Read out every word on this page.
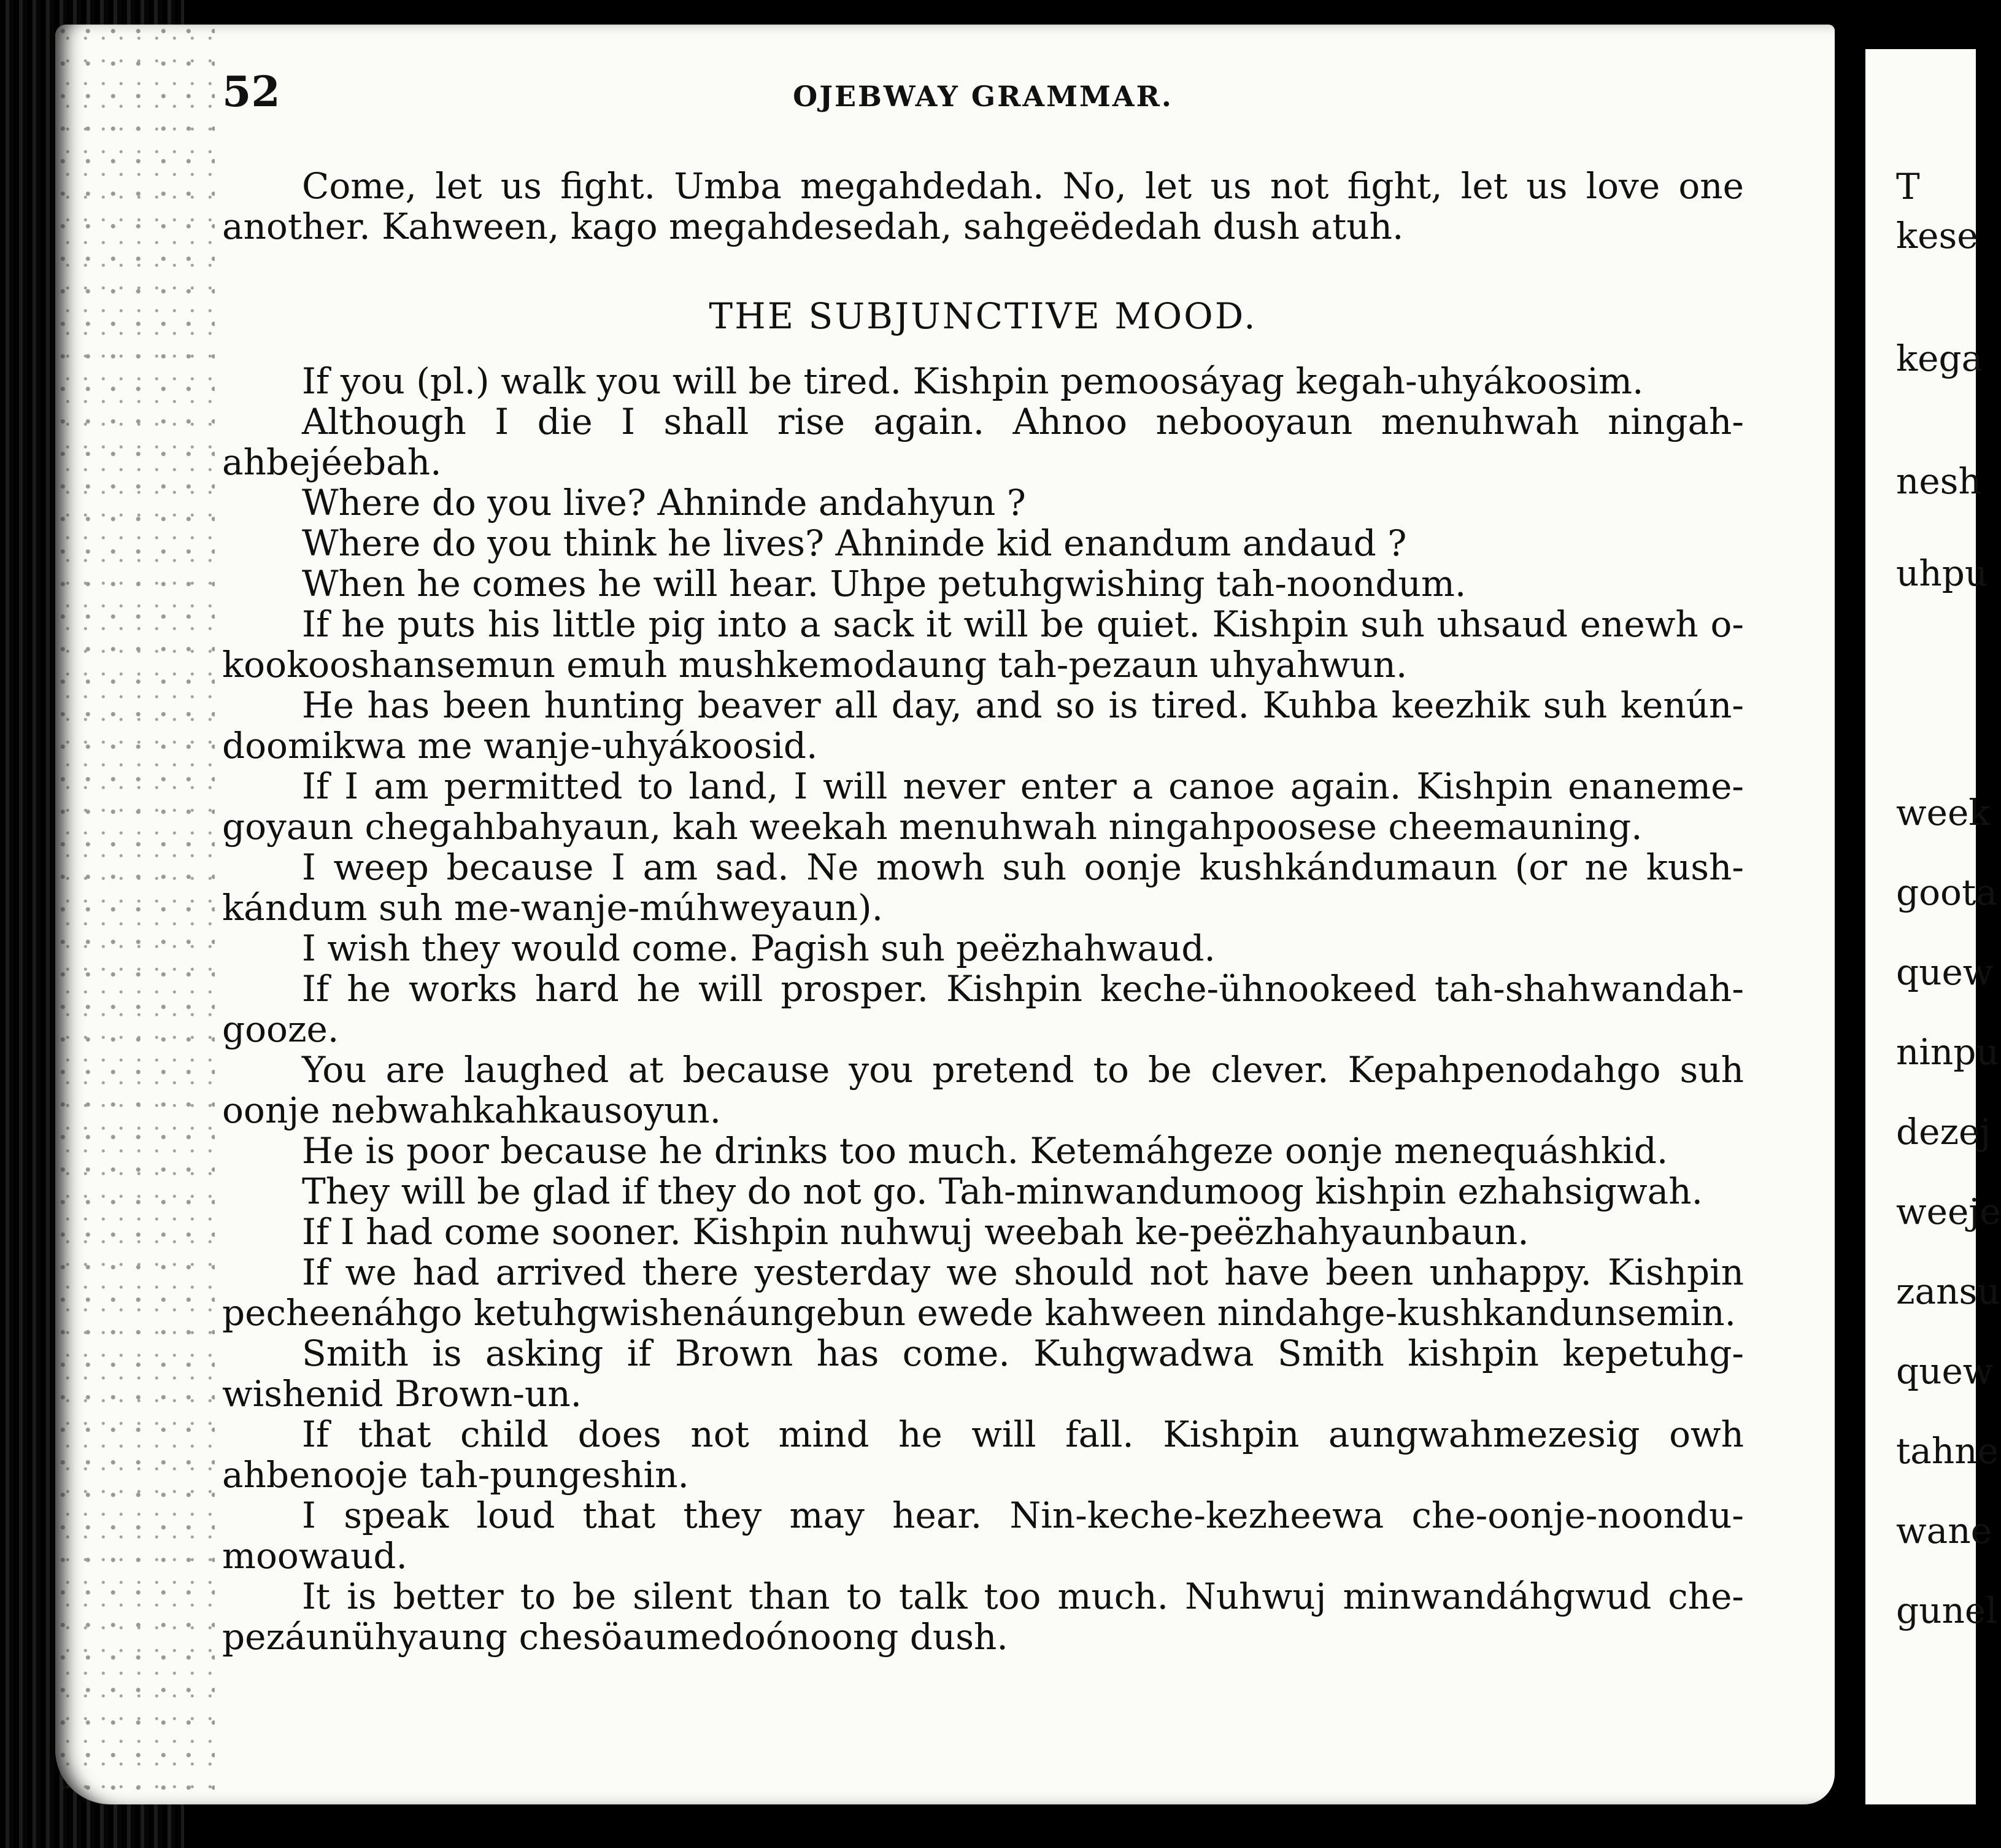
52	OJEBWAY GRAMMAR.

Come, let us fight. Umba megahdedah. No, let us not fight, let us love one another. Kahween, kago megahdesedah, sahgeëdedah dush atuh.

THE SUBJUNCTIVE MOOD.

If you (pl.) walk you will be tired. Kishpin pemoosáyag kegah-uhyákoosim.

Although I die I shall rise again. Ahnoo nebooyaun menuhwah ningah-ahbejéebah.

Where do you live? Ahninde andahyun ?

Where do you think he lives? Ahninde kid enandum andaud ?

When he comes he will hear. Uhpe petuhgwishing tah-noondum.

If he puts his little pig into a sack it will be quiet. Kishpin suh uhsaud enewh o-kookooshansemun emuh mushkemodaung tah-pezaun uhyahwun.

He has been hunting beaver all day, and so is tired. Kuhba keezhik suh kenún-doomikwa me wanje-uhyákoosid.

If I am permitted to land, I will never enter a canoe again. Kishpin enaneme-goyaun chegahbahyaun, kah weekah menuhwah ningahpoosese cheemauning.

I weep because I am sad. Ne mowh suh oonje kushkándumaun (or ne kush-kándum suh me-wanje-múhweyaun).

I wish they would come. Pagish suh peëzhahwaud.

If he works hard he will prosper. Kishpin keche-ühnookeed tah-shahwandah-gooze.

You are laughed at because you pretend to be clever. Kepahpenodahgo suh oonje nebwahkahkausoyun.

He is poor because he drinks too much. Ketemáhgeze oonje menequáshkid.

They will be glad if they do not go. Tah-minwandumoog kishpin ezhahsigwah.

If I had come sooner. Kishpin nuhwuj weebah ke-peëzhahyaunbaun.

If we had arrived there yesterday we should not have been unhappy. Kishpin pecheenáhgo ketuhgwishenáungebun ewede kahween nindahge-kushkandunsemin.

Smith is asking if Brown has come. Kuhgwadwa Smith kishpin kepetuhg-wishenid Brown-un.

If that child does not mind he will fall. Kishpin aungwahmezesig owh ahbenooje tah-pungeshin.

I speak loud that they may hear. Nin-keche-kezheewa che-oonje-noondu-moowaud.

It is better to be silent than to talk too much. Nuhwuj minwandáhgwud che-pezáunühyaung chesöaumedoónoong dush.

T
kese
kega
nesh
uhpu
week
goota
quew
ninpu
dezej
weeje
zansu
quew
tahne
wane
gunel
